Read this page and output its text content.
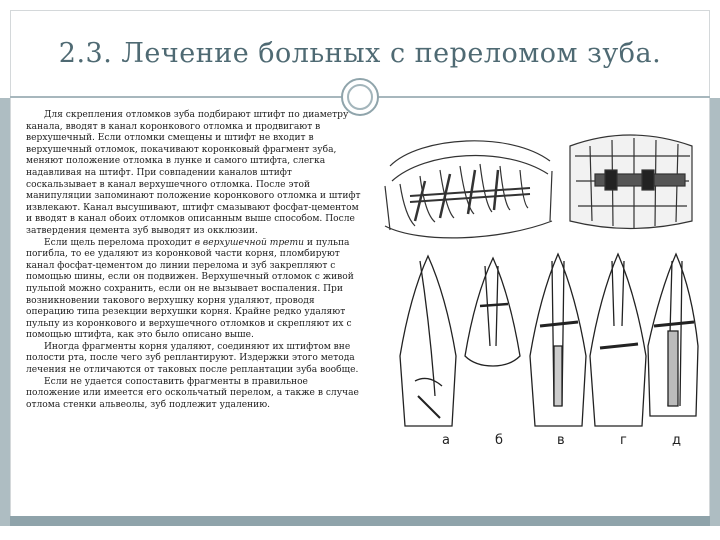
2.3. Лечение больных с переломом зуба.

Для скрепления отломков зуба подбирают штифт по диаметру канала, вводят в канал коронкового отломка и продвигают в верхушечный. Если отломки смещены и штифт не входит в верхушечный отломок, покачивают коронковый фрагмент зуба, меняют положение отломка в лунке и самого штифта, слегка надавливая на штифт. При совпадении каналов штифт соскальзывает в канал верхушечного отломка. После этой манипуляции запоминают положение коронкового отломка и штифт извлекают. Канал высушивают, штифт смазывают фосфат-цементом и вводят в канал обоих отломков описанным выше способом. После затвердения цемента зуб выводят из окклюзии.

Если щель перелома проходит в верхушечной трети и пульпа погибла, то ее удаляют из коронковой части корня, пломбируют канал фосфат-цементом до линии перелома и зуб закрепляют с помощью шины, если он подвижен. Верхушечный отломок с живой пульпой можно сохранить, если он не вызывает воспаления. При возникновении такового верхушку корня удаляют, проводя операцию типа резекции верхушки корня. Крайне редко удаляют пульпу из коронкового и верхушечного отломков и скрепляют их с помощью штифта, как это было описано выше.

Иногда фрагменты корня удаляют, соединяют их штифтом вне полости рта, после чего зуб реплантируют. Издержки этого метода лечения не отличаются от таковых после реплантации зуба вообще.

Если не удается сопоставить фрагменты в правильное положение или имеется его оскольчатый перелом, а также в случае отлома стенки альвеолы, зуб подлежит удалению.

а	б	в	г	д
